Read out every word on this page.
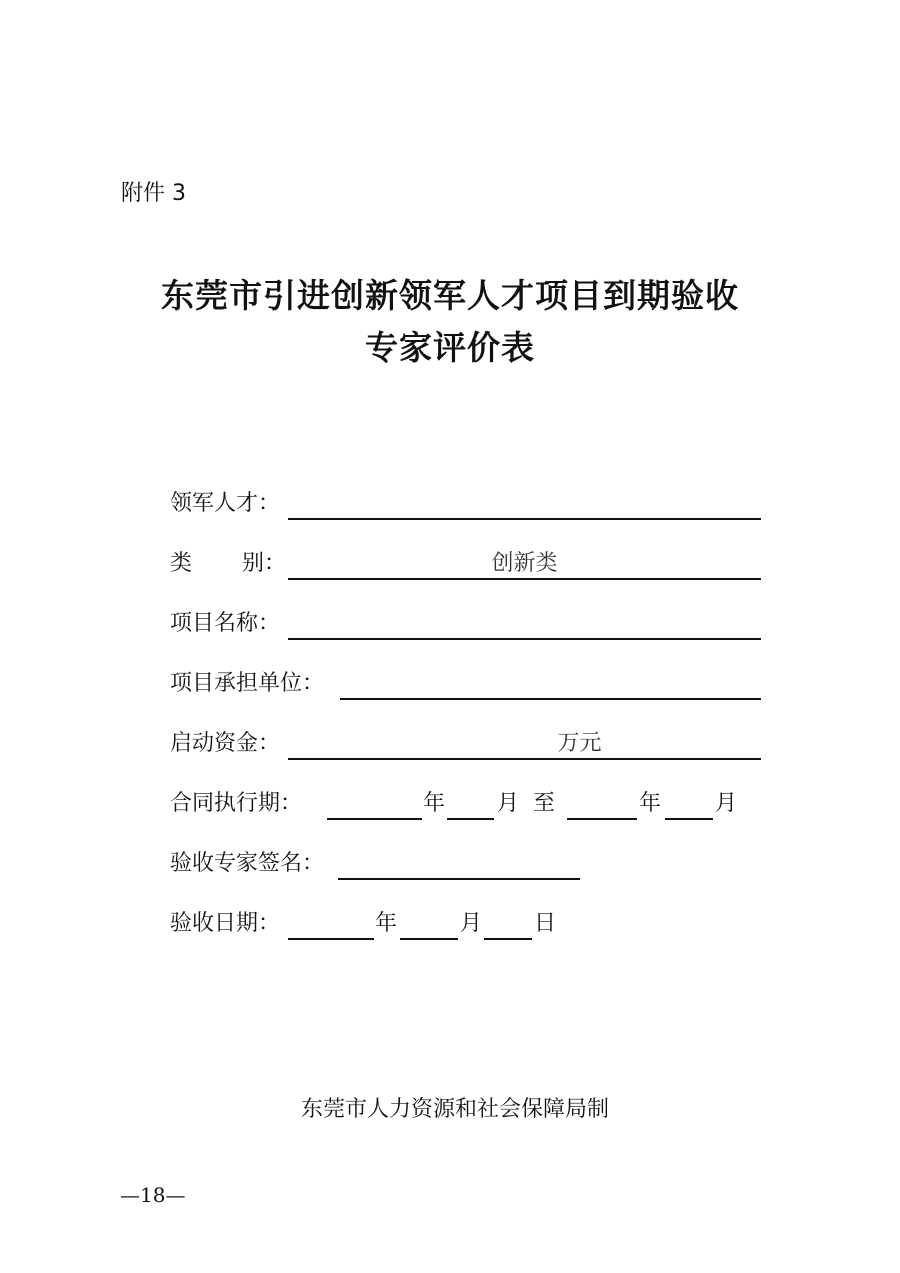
附件 3
东莞市引进创新领军人才项目到期验收
专家评价表
领军人才：
类 别：	创新类
项目名称：
项目承担单位：
启动资金：	万元
合同执行期：	年 月 至	年 月
验收专家签名：
验收日期：	年	月 日
东莞市人力资源和社会保障局制
—18—
